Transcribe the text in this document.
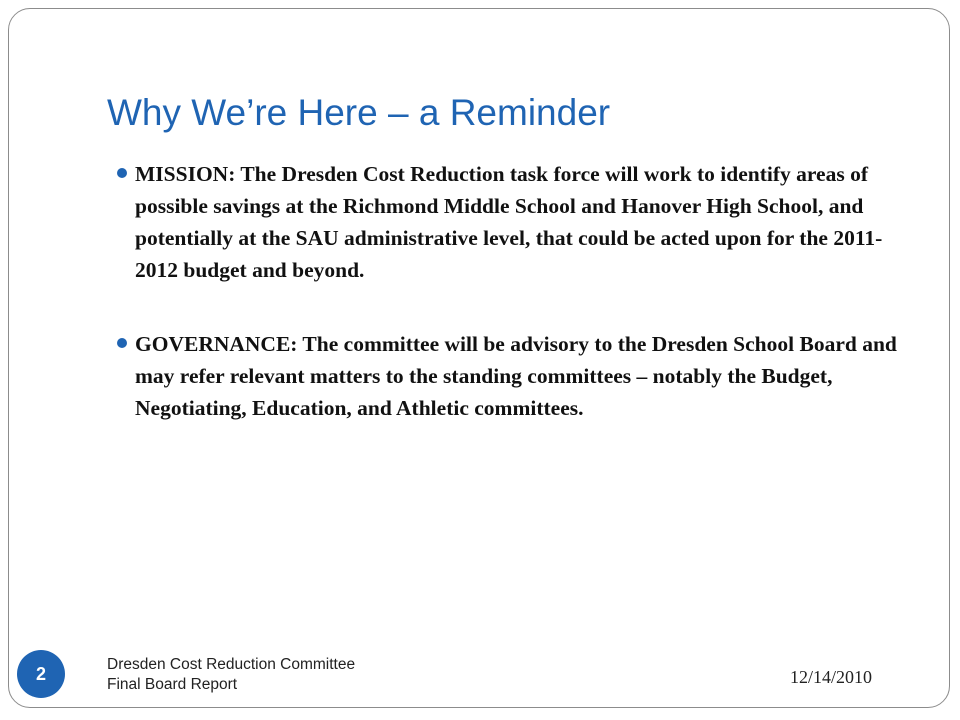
Why We’re Here – a Reminder
MISSION: The Dresden Cost Reduction task force will work to identify areas of possible savings at the Richmond Middle School and Hanover High School, and potentially at the SAU administrative level, that could be acted upon for the 2011-2012 budget and beyond.
GOVERNANCE: The committee will be advisory to the Dresden School Board and may refer relevant matters to the standing committees – notably the Budget, Negotiating, Education, and Athletic committees.
2	Dresden Cost Reduction Committee
Final Board Report	12/14/2010
